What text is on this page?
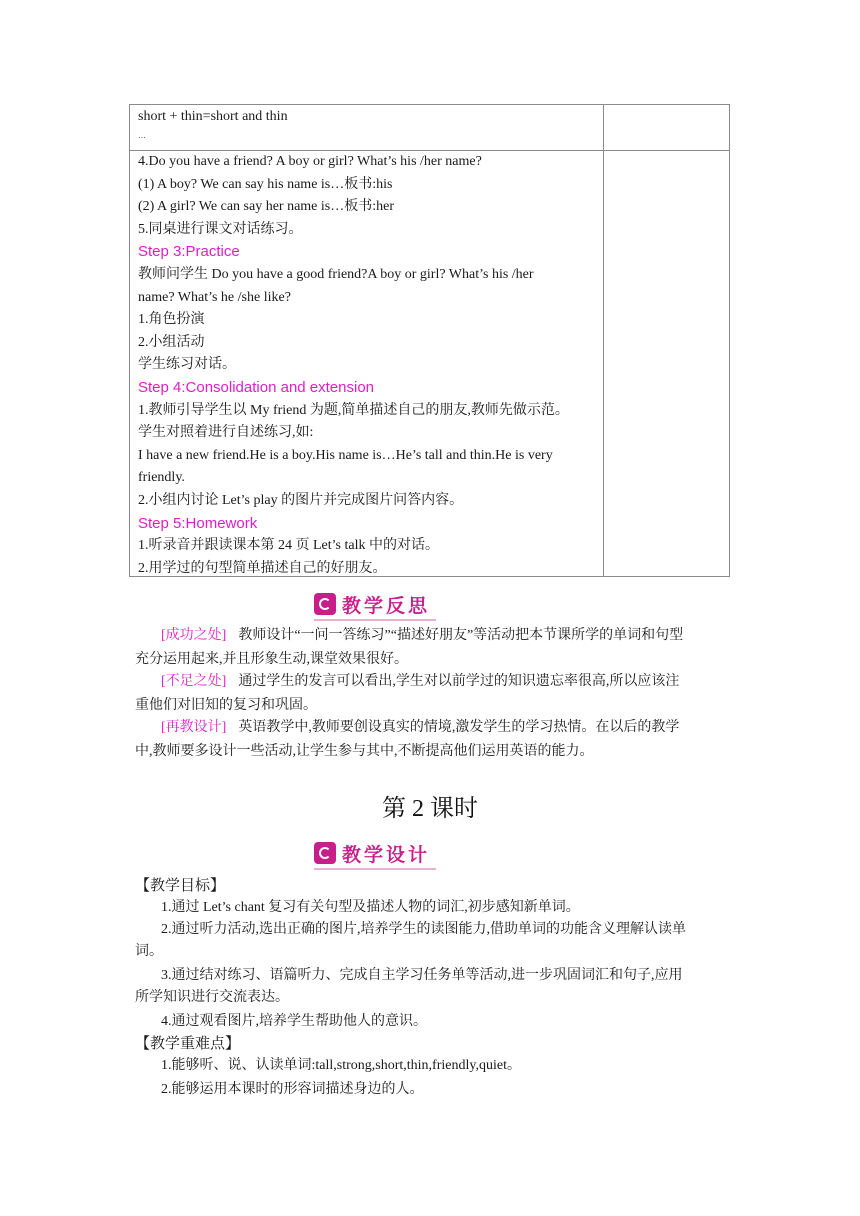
short + thin=short and thin
…
4.Do you have a friend? A boy or girl? What’s his /her name?
(1) A boy? We can say his name is…板书:his
(2) A girl? We can say her name is…板书:her
5.同桌进行课文对话练习。
Step 3:Practice
教师问学生 Do you have a good friend?A boy or girl? What’s his /her
name? What’s he /she like?
1.角色扮演
2.小组活动
学生练习对话。
Step 4:Consolidation and extension
1.教师引导学生以 My friend 为题,简单描述自己的朋友,教师先做示范。
学生对照着进行自述练习,如:
I have a new friend.He is a boy.His name is…He’s tall and thin.He is very
friendly.
2.小组内讨论 Let’s play 的图片并完成图片问答内容。
Step 5:Homework
1.听录音并跟读课本第 24 页 Let’s talk 中的对话。
2.用学过的句型简单描述自己的好朋友。
教学反思
[成功之处] 教师设计“一问一答练习”“描述好朋友”等活动把本节课所学的单词和句型
充分运用起来,并且形象生动,课堂效果很好。
[不足之处] 通过学生的发言可以看出,学生对以前学过的知识遗忘率很高,所以应该注
重他们对旧知的复习和巩固。
[再教设计] 英语教学中,教师要创设真实的情境,激发学生的学习热情。在以后的教学
中,教师要多设计一些活动,让学生参与其中,不断提高他们运用英语的能力。
第 2 课时
教学设计
【教学目标】
1.通过 Let’s chant 复习有关句型及描述人物的词汇,初步感知新单词。
2.通过听力活动,选出正确的图片,培养学生的读图能力,借助单词的功能含义理解认读单
词。
3.通过结对练习、语篇听力、完成自主学习任务单等活动,进一步巩固词汇和句子,应用
所学知识进行交流表达。
4.通过观看图片,培养学生帮助他人的意识。
【教学重难点】
1.能够听、说、认读单词:tall,strong,short,thin,friendly,quiet。
2.能够运用本课时的形容词描述身边的人。
